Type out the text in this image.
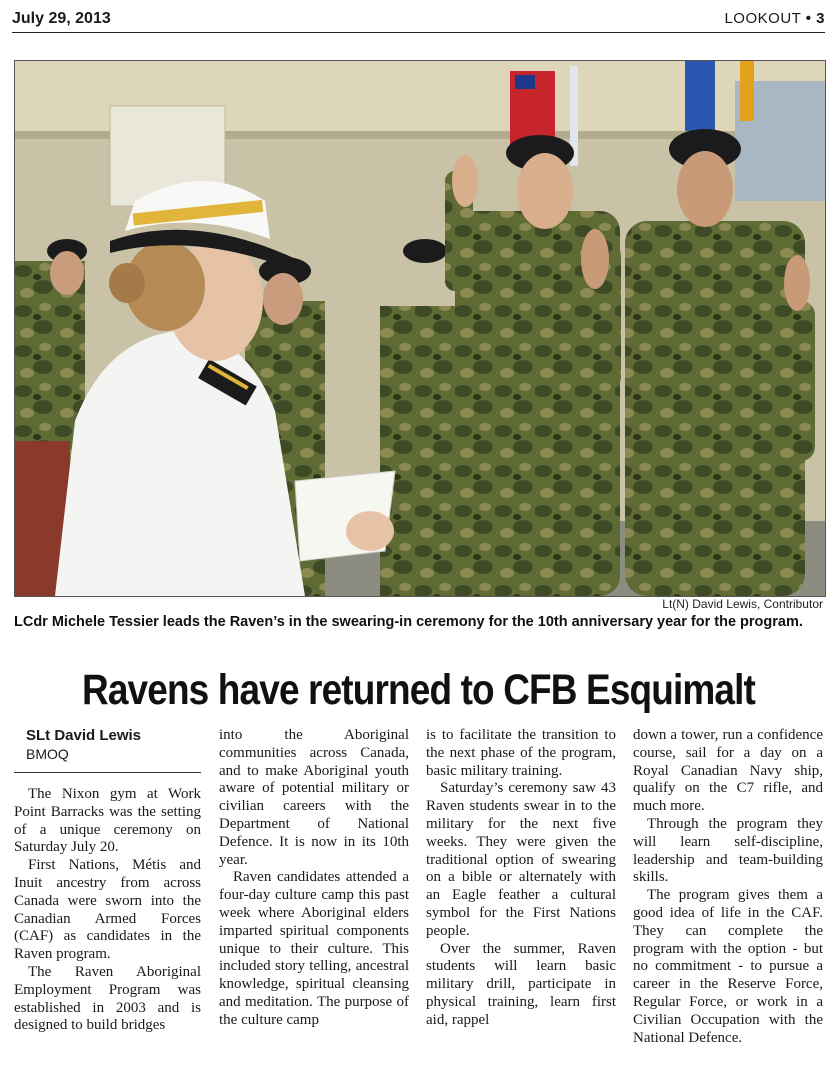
July 29, 2013	LOOKOUT • 3
Lt(N) David Lewis, Contributor
LCdr Michele Tessier leads the Raven’s in the swearing-in ceremony for the 10th anniversary year for the program.
Ravens have returned to CFB Esquimalt
SLt David Lewis
BMOQ

The Nixon gym at Work Point Barracks was the setting of a unique ceremony on Saturday July 20.

First Nations, Métis and Inuit ancestry from across Canada were sworn into the Canadian Armed Forces (CAF) as candidates in the Raven program.

The Raven Aboriginal Employment Program was established in 2003 and is designed to build bridges

into the Aboriginal communities across Canada, and to make Aboriginal youth aware of potential military or civilian careers with the Department of National Defence. It is now in its 10th year.

Raven candidates attended a four-day culture camp this past week where Aboriginal elders imparted spiritual components unique to their culture. This included story telling, ancestral knowledge, spiritual cleansing and meditation. The purpose of the culture camp

is to facilitate the transition to the next phase of the program, basic military training.

Saturday’s ceremony saw 43 Raven students swear in to the military for the next five weeks. They were given the traditional option of swearing on a bible or alternately with an Eagle feather a cultural symbol for the First Nations people.

Over the summer, Raven students will learn basic military drill, participate in physical training, learn first aid, rappel

down a tower, run a confidence course, sail for a day on a Royal Canadian Navy ship, qualify on the C7 rifle, and much more.

Through the program they will learn self-discipline, leadership and team-building skills.

The program gives them a good idea of life in the CAF. They can complete the program with the option - but no commitment - to pursue a career in the Reserve Force, Regular Force, or work in a Civilian Occupation with the National Defence.
